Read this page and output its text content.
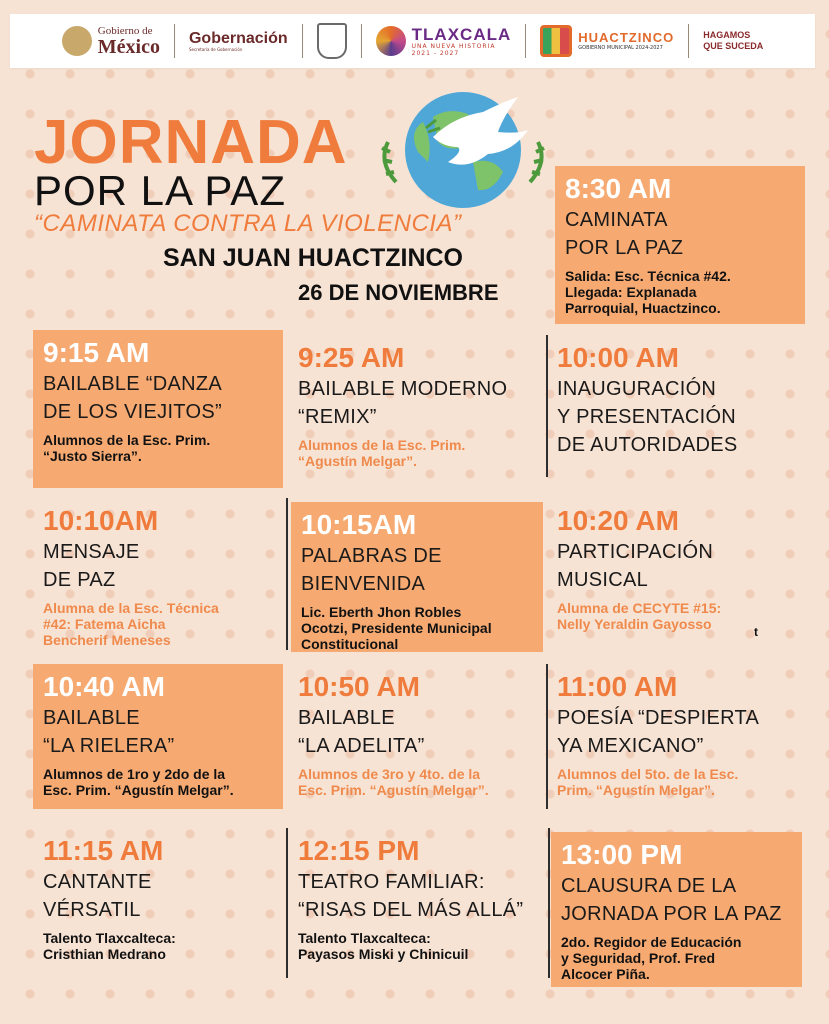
Gobierno de
México Gobernación
Secretaría de Gobernación
TLAXCALA
UNA NUEVA HISTORIA
2021 - 2027
HUACTZINCO
GOBIERNO MUNICIPAL 2024-2027
HAGAMOS
QUE SUCEDA
JORNADA
POR LA PAZ
“CAMINATA CONTRA LA VIOLENCIA”
SAN JUAN HUACTZINCO
26 DE NOVIEMBRE
8:30 AM
CAMINATA
POR LA PAZ
Salida: Esc. Técnica #42.
Llegada: Explanada
Parroquial, Huactzinco.
9:15 AM
BAILABLE “DANZA
DE LOS VIEJITOS”
Alumnos de la Esc. Prim.
“Justo Sierra”.
9:25 AM
BAILABLE MODERNO
“REMIX”
Alumnos de la Esc. Prim.
“Agustín Melgar”.
10:00 AM
INAUGURACIÓN
Y PRESENTACIÓN
DE AUTORIDADES
10:10AM
MENSAJE
DE PAZ
Alumna de la Esc. Técnica
#42: Fatema Aicha
Bencherif Meneses
10:15AM
PALABRAS DE
BIENVENIDA
Lic. Eberth Jhon Robles
Ocotzi, Presidente Municipal
Constitucional
10:20 AM
PARTICIPACIÓN
MUSICAL
Alumna de CECYTE #15:
Nelly Yeraldin Gayosso	t
10:40 AM
BAILABLE
“LA RIELERA”
Alumnos de 1ro y 2do de la
Esc. Prim. “Agustín Melgar”.
10:50 AM
BAILABLE
“LA ADELITA”
Alumnos de 3ro y 4to. de la
Esc. Prim. “Agustín Melgar”.
11:00 AM
POESÍA “DESPIERTA
YA MEXICANO”
Alumnos del 5to. de la Esc.
Prim. “Agustín Melgar”.
11:15 AM
CANTANTE
VÉRSATIL
Talento Tlaxcalteca:
Cristhian Medrano
12:15 PM
TEATRO FAMILIAR:
“RISAS DEL MÁS ALLÁ”
Talento Tlaxcalteca:
Payasos Miski y Chinicuil
13:00 PM
CLAUSURA DE LA
JORNADA POR LA PAZ
2do. Regidor de Educación
y Seguridad, Prof. Fred
Alcocer Piña.
